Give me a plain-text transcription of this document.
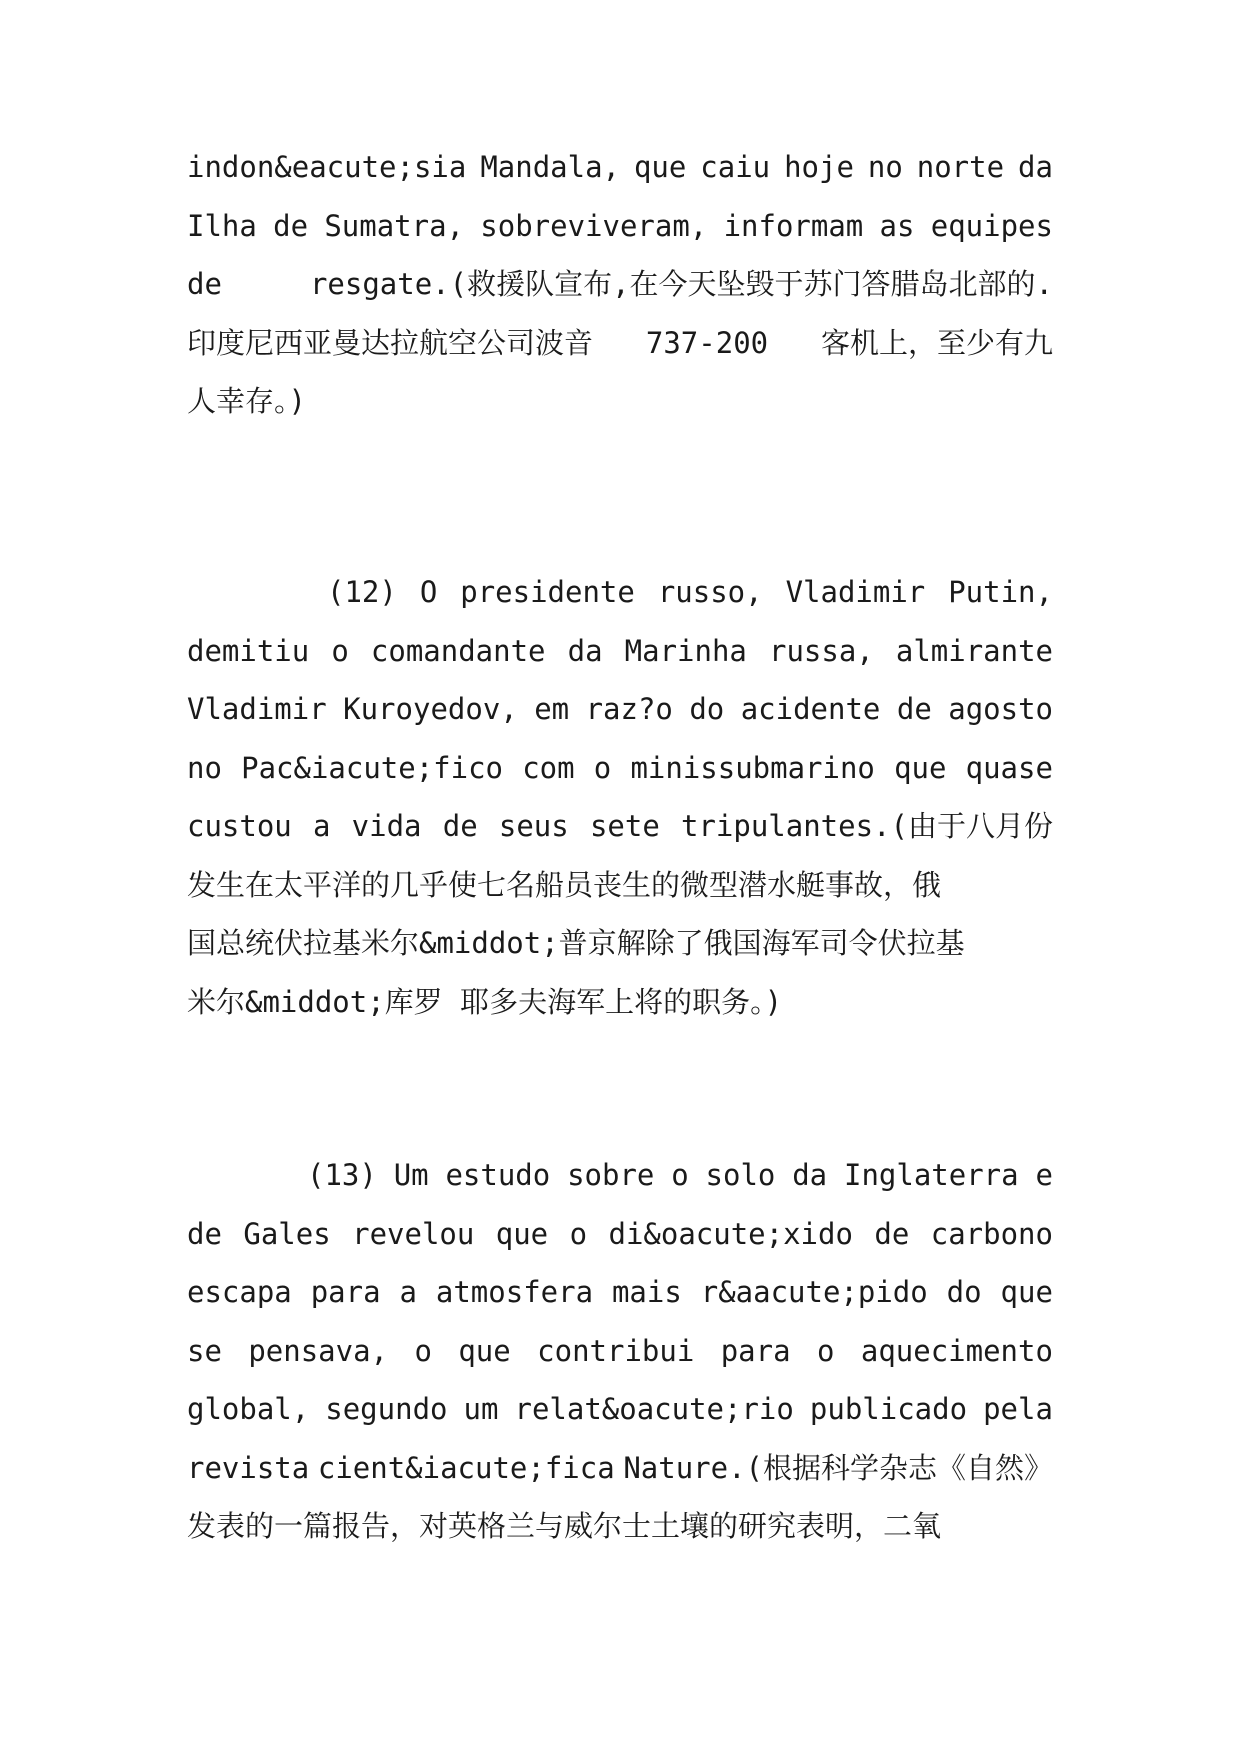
indon&eacute;sia Mandala, que caiu hoje no norte da
Ilha de Sumatra, sobreviveram, informam as equipes
de	resgate.(救援队宣布,在今天坠毁于苏门答腊岛北部的.
印度尼西亚曼达拉航空公司波音 737-200 客机上，至少有九
人幸存。)
(12) O presidente russo, Vladimir Putin,
demitiu o comandante da Marinha russa, almirante
Vladimir Kuroyedov, em raz?o do acidente de agosto
no Pac&iacute;fico com o minissubmarino que quase
custou a vida de seus sete tripulantes.(由于八月份
发生在太平洋的几乎使七名船员丧生的微型潜水艇事故，俄
国总统伏拉基米尔&middot;普京解除了俄国海军司令伏拉基
米尔&middot;库罗 耶多夫海军上将的职务。)
(13) Um estudo sobre o solo da Inglaterra e
de Gales revelou que o di&oacute;xido de carbono
escapa para a atmosfera mais r&aacute;pido do que
se pensava, o que contribui para o aquecimento
global, segundo um relat&oacute;rio publicado pela
revista cient&iacute;fica Nature.(根据科学杂志《自然》
发表的一篇报告，对英格兰与威尔士土壤的研究表明，二氧
